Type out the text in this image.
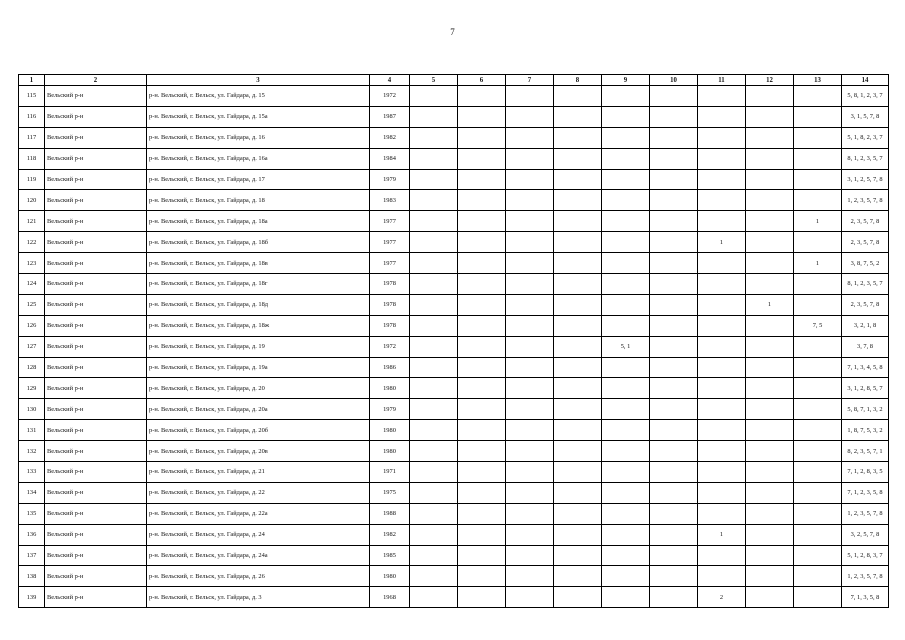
7
1	2	3	4	5	6	7	8	9	10	11	12	13	14
115	Вельский р-н	р-н. Вельский, г. Вельск, ул. Гайдара, д. 15	1972										5, 8, 1, 2, 3, 7
116	Вельский р-н	р-н. Вельский, г. Вельск, ул. Гайдара, д. 15а	1987										3, 1, 5, 7, 8
117	Вельский р-н	р-н. Вельский, г. Вельск, ул. Гайдара, д. 16	1982										5, 1, 8, 2, 3, 7
118	Вельский р-н	р-н. Вельский, г. Вельск, ул. Гайдара, д. 16а	1984										8, 1, 2, 3, 5, 7
119	Вельский р-н	р-н. Вельский, г. Вельск, ул. Гайдара, д. 17	1979										3, 1, 2, 5, 7, 8
120	Вельский р-н	р-н. Вельский, г. Вельск, ул. Гайдара, д. 18	1983										1, 2, 3, 5, 7, 8
121	Вельский р-н	р-н. Вельский, г. Вельск, ул. Гайдара, д. 18а	1977									1	2, 3, 5, 7, 8
122	Вельский р-н	р-н. Вельский, г. Вельск, ул. Гайдара, д. 18б	1977							1			2, 3, 5, 7, 8
123	Вельский р-н	р-н. Вельский, г. Вельск, ул. Гайдара, д. 18в	1977									1	3, 8, 7, 5, 2
124	Вельский р-н	р-н. Вельский, г. Вельск, ул. Гайдара, д. 18г	1978										8, 1, 2, 3, 5, 7
125	Вельский р-н	р-н. Вельский, г. Вельск, ул. Гайдара, д. 18д	1978								1		2, 3, 5, 7, 8
126	Вельский р-н	р-н. Вельский, г. Вельск, ул. Гайдара, д. 18ж	1978									7, 5	3, 2, 1, 8
127	Вельский р-н	р-н. Вельский, г. Вельск, ул. Гайдара, д. 19	1972					5, 1					3, 7, 8
128	Вельский р-н	р-н. Вельский, г. Вельск, ул. Гайдара, д. 19а	1986										7, 1, 3, 4, 5, 8
129	Вельский р-н	р-н. Вельский, г. Вельск, ул. Гайдара, д. 20	1980										3, 1, 2, 8, 5, 7
130	Вельский р-н	р-н. Вельский, г. Вельск, ул. Гайдара, д. 20а	1979										5, 8, 7, 1, 3, 2
131	Вельский р-н	р-н. Вельский, г. Вельск, ул. Гайдара, д. 20б	1980										1, 8, 7, 5, 3, 2
132	Вельский р-н	р-н. Вельский, г. Вельск, ул. Гайдара, д. 20в	1980										8, 2, 3, 5, 7, 1
133	Вельский р-н	р-н. Вельский, г. Вельск, ул. Гайдара, д. 21	1971										7, 1, 2, 8, 3, 5
134	Вельский р-н	р-н. Вельский, г. Вельск, ул. Гайдара, д. 22	1975										7, 1, 2, 3, 5, 8
135	Вельский р-н	р-н. Вельский, г. Вельск, ул. Гайдара, д. 22а	1988										1, 2, 3, 5, 7, 8
136	Вельский р-н	р-н. Вельский, г. Вельск, ул. Гайдара, д. 24	1982							1			3, 2, 5, 7, 8
137	Вельский р-н	р-н. Вельский, г. Вельск, ул. Гайдара, д. 24а	1985										5, 1, 2, 8, 3, 7
138	Вельский р-н	р-н. Вельский, г. Вельск, ул. Гайдара, д. 26	1980										1, 2, 3, 5, 7, 8
139	Вельский р-н	р-н. Вельский, г. Вельск, ул. Гайдара, д. 3	1968							2			7, 1, 3, 5, 8
